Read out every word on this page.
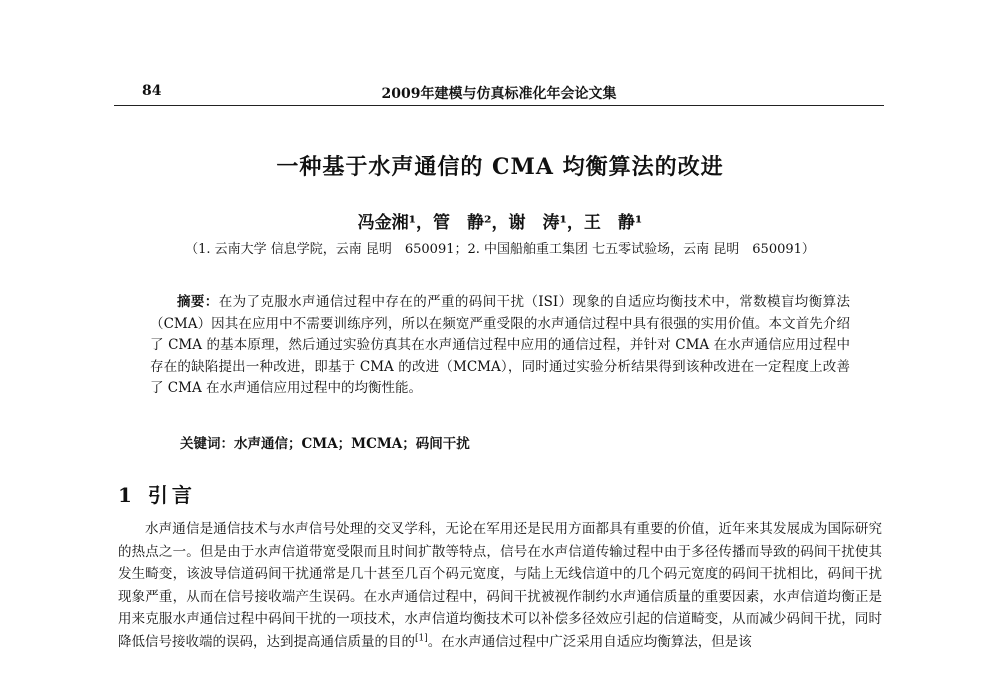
84	2009年建模与仿真标准化年会论文集
一种基于水声通信的 CMA 均衡算法的改进
冯金湘¹，管　静²，谢　涛¹，王　静¹
（1. 云南大学 信息学院，云南 昆明　650091；2. 中国船舶重工集团 七五零试验场，云南 昆明　650091）
摘要：在为了克服水声通信过程中存在的严重的码间干扰（ISI）现象的自适应均衡技术中，常数模盲均衡算法（CMA）因其在应用中不需要训练序列，所以在频宽严重受限的水声通信过程中具有很强的实用价值。本文首先介绍了 CMA 的基本原理，然后通过实验仿真其在水声通信过程中应用的通信过程，并针对 CMA 在水声通信应用过程中存在的缺陷提出一种改进，即基于 CMA 的改进（MCMA），同时通过实验分析结果得到该种改进在一定程度上改善了 CMA 在水声通信应用过程中的均衡性能。
关键词：水声通信；CMA；MCMA；码间干扰
1 引言
水声通信是通信技术与水声信号处理的交叉学科，无论在军用还是民用方面都具有重要的价值，近年来其发展成为国际研究的热点之一。但是由于水声信道带宽受限而且时间扩散等特点，信号在水声信道传输过程中由于多径传播而导致的码间干扰使其发生畸变，该波导信道码间干扰通常是几十甚至几百个码元宽度，与陆上无线信道中的几个码元宽度的码间干扰相比，码间干扰现象严重，从而在信号接收端产生误码。在水声通信过程中，码间干扰被视作制约水声通信质量的重要因素，水声信道均衡正是用来克服水声通信过程中码间干扰的一项技术，水声信道均衡技术可以补偿多径效应引起的信道畸变，从而减少码间干扰，同时降低信号接收端的误码，达到提高通信质量的目的[1]。在水声通信过程中广泛采用自适应均衡算法，但是该
